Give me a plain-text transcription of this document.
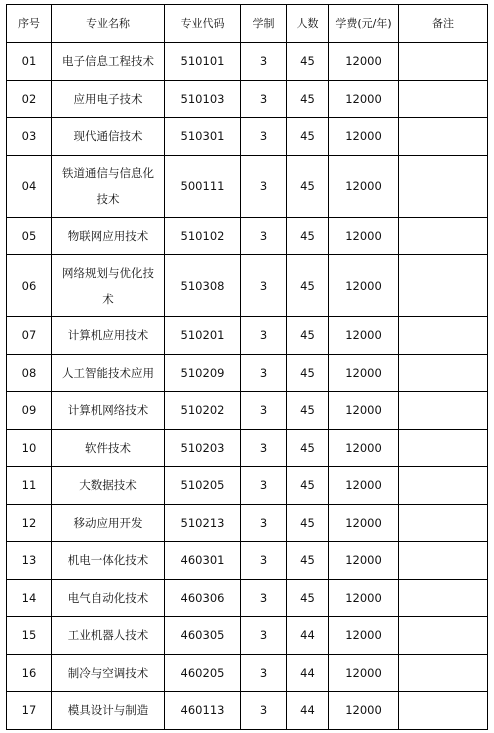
序号	专业名称	专业代码	学制	人数	学费(元/年)	备注
01	电子信息工程技术	510101	3	45	12000	
02	应用电子技术	510103	3	45	12000	
03	现代通信技术	510301	3	45	12000	
04	铁道通信与信息化技术	500111	3	45	12000	
05	物联网应用技术	510102	3	45	12000	
06	网络规划与优化技术	510308	3	45	12000	
07	计算机应用技术	510201	3	45	12000	
08	人工智能技术应用	510209	3	45	12000	
09	计算机网络技术	510202	3	45	12000	
10	软件技术	510203	3	45	12000	
11	大数据技术	510205	3	45	12000	
12	移动应用开发	510213	3	45	12000	
13	机电一体化技术	460301	3	45	12000	
14	电气自动化技术	460306	3	45	12000	
15	工业机器人技术	460305	3	44	12000	
16	制冷与空调技术	460205	3	44	12000	
17	模具设计与制造	460113	3	44	12000	
